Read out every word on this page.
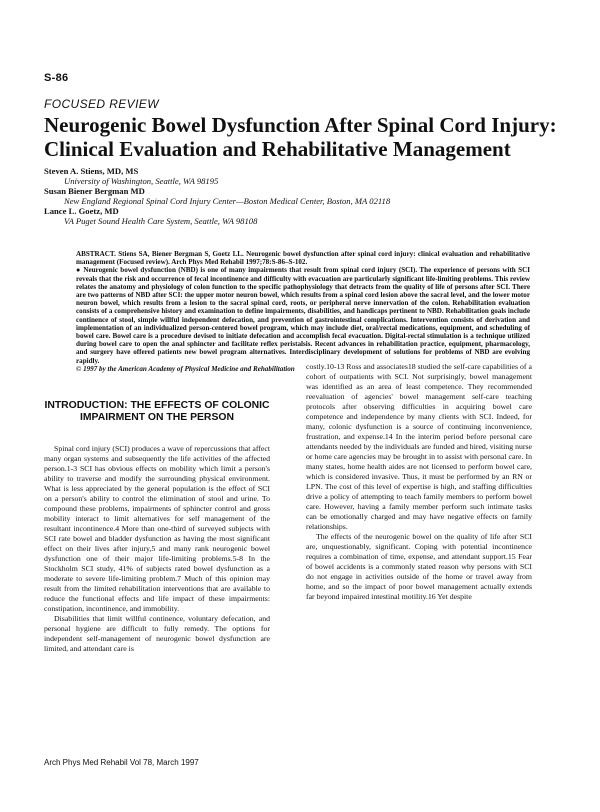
S-86
FOCUSED REVIEW
Neurogenic Bowel Dysfunction After Spinal Cord Injury:
Clinical Evaluation and Rehabilitative Management
Steven A. Stiens, MD, MS
University of Washington, Seattle, WA 98195
Susan Biener Bergman MD
New England Regional Spinal Cord Injury Center—Boston Medical Center, Boston, MA 02118
Lance L. Goetz, MD
VA Puget Sound Health Care System, Seattle, WA 98108

ABSTRACT. Stiens SA, Biener Bergman S, Goetz LL. Neurogenic bowel dysfunction after spinal cord injury: clinical evaluation and rehabilitative management (Focused review). Arch Phys Med Rehabil 1997;78:S-86–S-102.

● Neurogenic bowel dysfunction (NBD) is one of many impairments that result from spinal cord injury (SCI). The experience of persons with SCI reveals that the risk and occurrence of fecal incontinence and difficulty with evacuation are particularly significant life-limiting problems. This review relates the anatomy and physiology of colon function to the specific pathophysiology that detracts from the quality of life of persons after SCI. There are two patterns of NBD after SCI: the upper motor neuron bowel, which results from a spinal cord lesion above the sacral level, and the lower motor neuron bowel, which results from a lesion to the sacral spinal cord, roots, or peripheral nerve innervation of the colon. Rehabilitation evaluation consists of a comprehensive history and examination to define impairments, disabilities, and handicaps pertinent to NBD. Rehabilitation goals include continence of stool, simple willful independent defecation, and prevention of gastrointestinal complications. Intervention consists of derivation and implementation of an individualized person-centered bowel program, which may include diet, oral/rectal medications, equipment, and scheduling of bowel care. Bowel care is a procedure devised to initiate defecation and accomplish fecal evacuation. Digital-rectal stimulation is a technique utilized during bowel care to open the anal sphincter and facilitate reflex peristalsis. Recent advances in rehabilitation practice, equipment, pharmacology, and surgery have offered patients new bowel program alternatives. Interdisciplinary development of solutions for problems of NBD are evolving rapidly.

© 1997 by the American Academy of Physical Medicine and Rehabilitation

INTRODUCTION: THE EFFECTS OF COLONIC IMPAIRMENT ON THE PERSON

Spinal cord injury (SCI) produces a wave of repercussions that affect many organ systems and subsequently the life activities of the affected person.1-3 SCI has obvious effects on mobility which limit a person's ability to traverse and modify the surrounding physical environment. What is less appreciated by the general population is the effect of SCI on a person's ability to control the elimination of stool and urine. To compound these problems, impairments of sphincter control and gross mobility interact to limit alternatives for self management of the resultant incontinence.4 More than one-third of surveyed subjects with SCI rate bowel and bladder dysfunction as having the most significant effect on their lives after injury,5 and many rank neurogenic bowel dysfunction one of their major life-limiting problems.5-8 In the Stockholm SCI study, 41% of subjects rated bowel dysfunction as a moderate to severe life-limiting problem.7 Much of this opinion may result from the limited rehabilitation interventions that are available to reduce the functional effects and life impact of these impairments: constipation, incontinence, and immobility.

Disabilities that limit willful continence, voluntary defecation, and personal hygiene are difficult to fully remedy. The options for independent self-management of neurogenic bowel dysfunction are limited, and attendant care is

costly.10-13 Ross and associates18 studied the self-care capabilities of a cohort of outpatients with SCI. Not surprisingly, bowel management was identified as an area of least competence. They recommended reevaluation of agencies' bowel management self-care teaching protocols after observing difficulties in acquiring bowel care competence and independence by many clients with SCI. Indeed, for many, colonic dysfunction is a source of continuing inconvenience, frustration, and expense.14 In the interim period before personal care attendants needed by the individuals are funded and hired, visiting nurse or home care agencies may be brought in to assist with personal care. In many states, home health aides are not licensed to perform bowel care, which is considered invasive. Thus, it must be performed by an RN or LPN. The cost of this level of expertise is high, and staffing difficulties drive a policy of attempting to teach family members to perform bowel care. However, having a family member perform such intimate tasks can be emotionally charged and may have negative effects on family relationships.

The effects of the neurogenic bowel on the quality of life after SCI are, unquestionably, significant. Coping with potential incontinence requires a combination of time, expense, and attendant support.15 Fear of bowel accidents is a commonly stated reason why persons with SCI do not engage in activities outside of the home or travel away from home, and so the impact of poor bowel management actually extends far beyond impaired intestinal motility.16 Yet despite

Arch Phys Med Rehabil Vol 78, March 1997
